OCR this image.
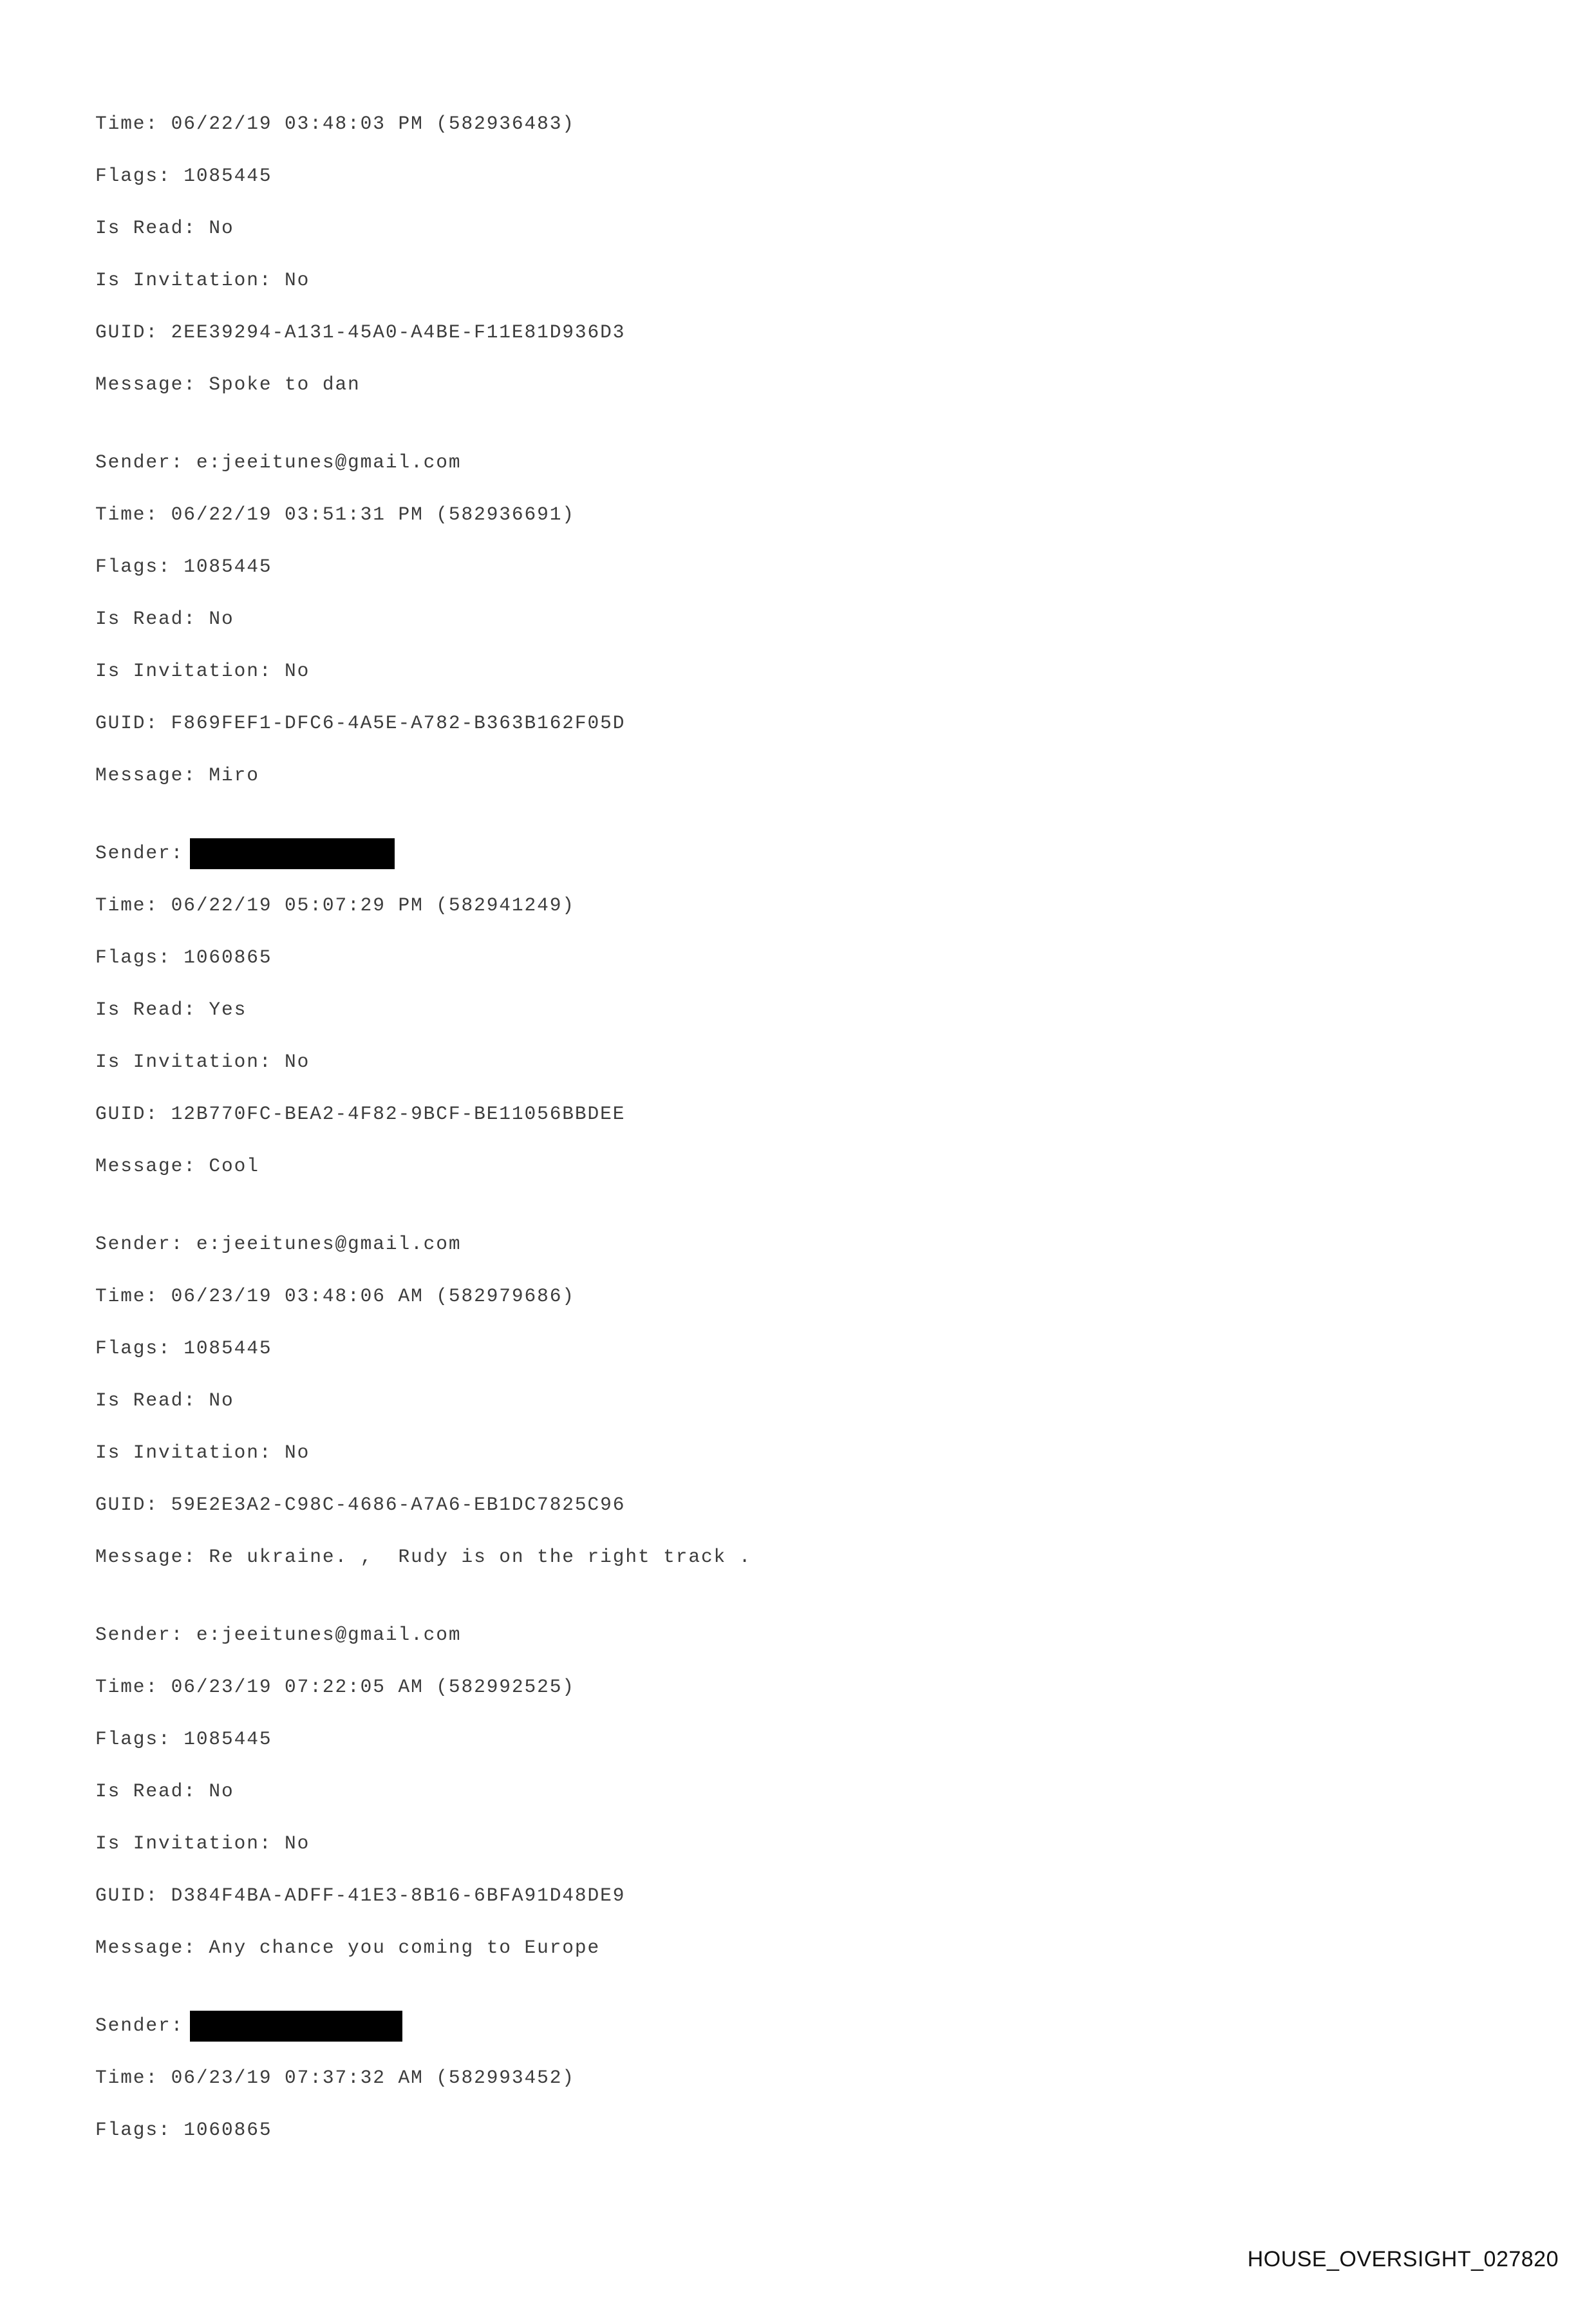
Time: 06/22/19 03:48:03 PM (582936483)
Flags: 1085445
Is Read: No
Is Invitation: No
GUID: 2EE39294-A131-45A0-A4BE-F11E81D936D3
Message: Spoke to dan
Sender: e:jeeitunes@gmail.com
Time: 06/22/19 03:51:31 PM (582936691)
Flags: 1085445
Is Read: No
Is Invitation: No
GUID: F869FEF1-DFC6-4A5E-A782-B363B162F05D
Message: Miro
Sender:
Time: 06/22/19 05:07:29 PM (582941249)
Flags: 1060865
Is Read: Yes
Is Invitation: No
GUID: 12B770FC-BEA2-4F82-9BCF-BE11056BBDEE
Message: Cool
Sender: e:jeeitunes@gmail.com
Time: 06/23/19 03:48:06 AM (582979686)
Flags: 1085445
Is Read: No
Is Invitation: No
GUID: 59E2E3A2-C98C-4686-A7A6-EB1DC7825C96
Message: Re ukraine. ,  Rudy is on the right track .
Sender: e:jeeitunes@gmail.com
Time: 06/23/19 07:22:05 AM (582992525)
Flags: 1085445
Is Read: No
Is Invitation: No
GUID: D384F4BA-ADFF-41E3-8B16-6BFA91D48DE9
Message: Any chance you coming to Europe
Sender:
Time: 06/23/19 07:37:32 AM (582993452)
Flags: 1060865
HOUSE_OVERSIGHT_027820
